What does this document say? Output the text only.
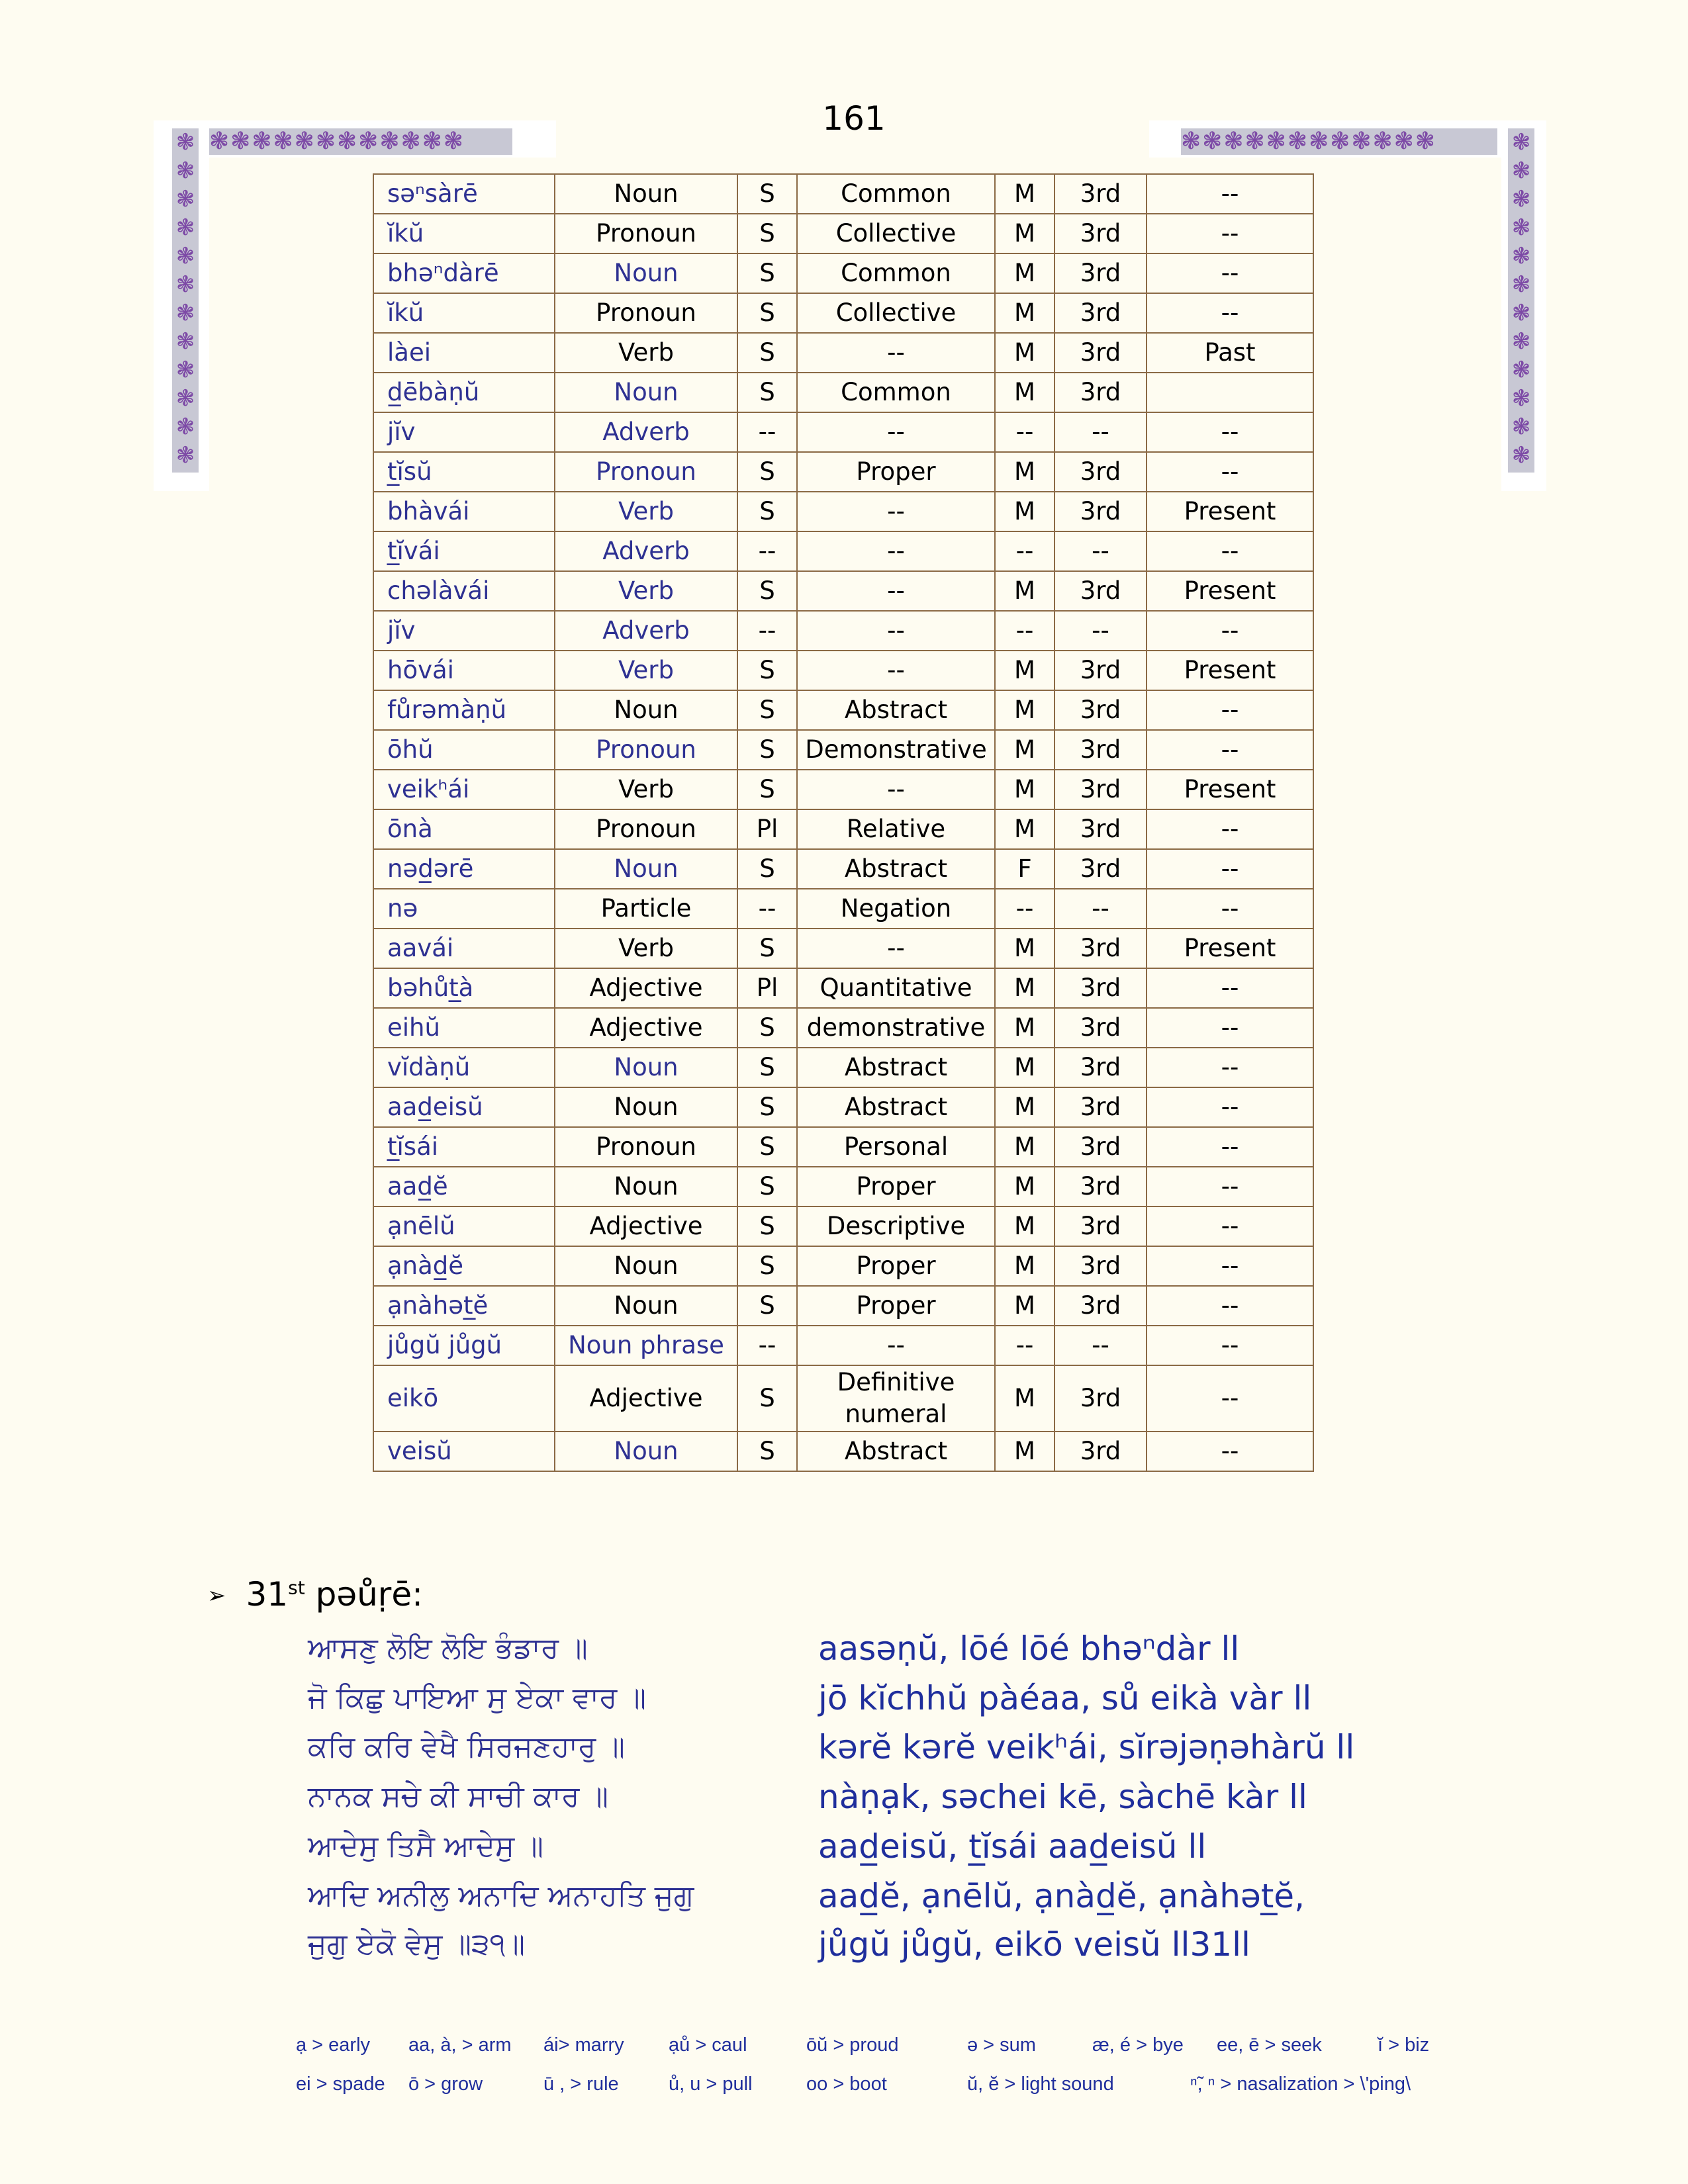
161
❃
❃
❃
❃
❃
❃
❃
❃
❃
❃
❃
❃
❃❃❃❃❃❃❃❃❃❃❃❃	❃❃❃❃❃❃❃❃❃❃❃❃	❃
❃
❃
❃
❃
❃
❃
❃
❃
❃
❃
❃
səⁿsàrē	Noun	S	Common	M	3rd	--
ĭkŭ	Pronoun	S	Collective	M	3rd	--
bhəⁿdàrē	Noun	S	Common	M	3rd	--
ĭkŭ	Pronoun	S	Collective	M	3rd	--
làei	Verb	S	--	M	3rd	Past
d̲ēbàṇŭ	Noun	S	Common	M	3rd	
jĭv	Adverb	--	--	--	--	--
t̲ĭsŭ	Pronoun	S	Proper	M	3rd	--
bhàvái	Verb	S	--	M	3rd	Present
t̲ĭvái	Adverb	--	--	--	--	--
chəlàvái	Verb	S	--	M	3rd	Present
jĭv	Adverb	--	--	--	--	--
hōvái	Verb	S	--	M	3rd	Present
fůrəmàṇŭ	Noun	S	Abstract	M	3rd	--
ōhŭ	Pronoun	S	Demonstrative	M	3rd	--
veikʰái	Verb	S	--	M	3rd	Present
ōnà	Pronoun	Pl	Relative	M	3rd	--
nəd̲ərē	Noun	S	Abstract	F	3rd	--
nə	Particle	--	Negation	--	--	--
aavái	Verb	S	--	M	3rd	Present
bəhůt̲à	Adjective	Pl	Quantitative	M	3rd	--
eihŭ	Adjective	S	demonstrative	M	3rd	--
vĭdàṇŭ	Noun	S	Abstract	M	3rd	--
aad̲eisŭ	Noun	S	Abstract	M	3rd	--
t̲ĭsái	Pronoun	S	Personal	M	3rd	--
aad̲ĕ	Noun	S	Proper	M	3rd	--
ạnēlŭ	Adjective	S	Descriptive	M	3rd	--
ạnàd̲ĕ	Noun	S	Proper	M	3rd	--
ạnàhət̲ĕ	Noun	S	Proper	M	3rd	--
jůgŭ jůgŭ	Noun phrase	--	--	--	--	--
eikō	Adjective	S	Definitive numeral	M	3rd	--
veisŭ	Noun	S	Abstract	M	3rd	--
➢ 31st pəůṛē:
ਆਸਣੁ ਲੋਇ ਲੋਇ ਭੰਡਾਰ ॥
ਜੋ ਕਿਛੁ ਪਾਇਆ ਸੁ ਏਕਾ ਵਾਰ ॥
ਕਰਿ ਕਰਿ ਵੇਖੈ ਸਿਰਜਣਹਾਰੁ ॥
ਨਾਨਕ ਸਚੇ ਕੀ ਸਾਚੀ ਕਾਰ ॥
ਆਦੇਸੁ ਤਿਸੈ ਆਦੇਸੁ ॥
ਆਦਿ ਅਨੀਲੁ ਅਨਾਦਿ ਅਨਾਹਤਿ ਜੁਗੁ
ਜੁਗੁ ਏਕੋ ਵੇਸੁ ॥੩੧॥
aasəṇŭ, lōé lōé bhəⁿdàr ll
jō kĭchhŭ pàéaa, sů eikà vàr ll
kərĕ kərĕ veikʰái, sĭrəjəṇəhàrŭ ll
nàṇạk, səchei kē, sàchē kàr ll
aad̲eisŭ, t̲ĭsái aad̲eisŭ ll
aad̲ĕ, ạnēlŭ, ạnàd̲ĕ, ạnàhət̲ĕ,
jůgŭ jůgŭ, eikō veisŭ ll31ll
ạ > early aa, à, > arm ái> marry ạů > caul	ōŭ > proud	ə > sum	æ, é > bye ee, ē > seek	ĭ > biz
ei > spade ō > grow	ū , > rule	ů, u > pull	oo > boot	ŭ, ĕ > light sound	ⁿ̃, ⁿ > nasalization > \'ping\
